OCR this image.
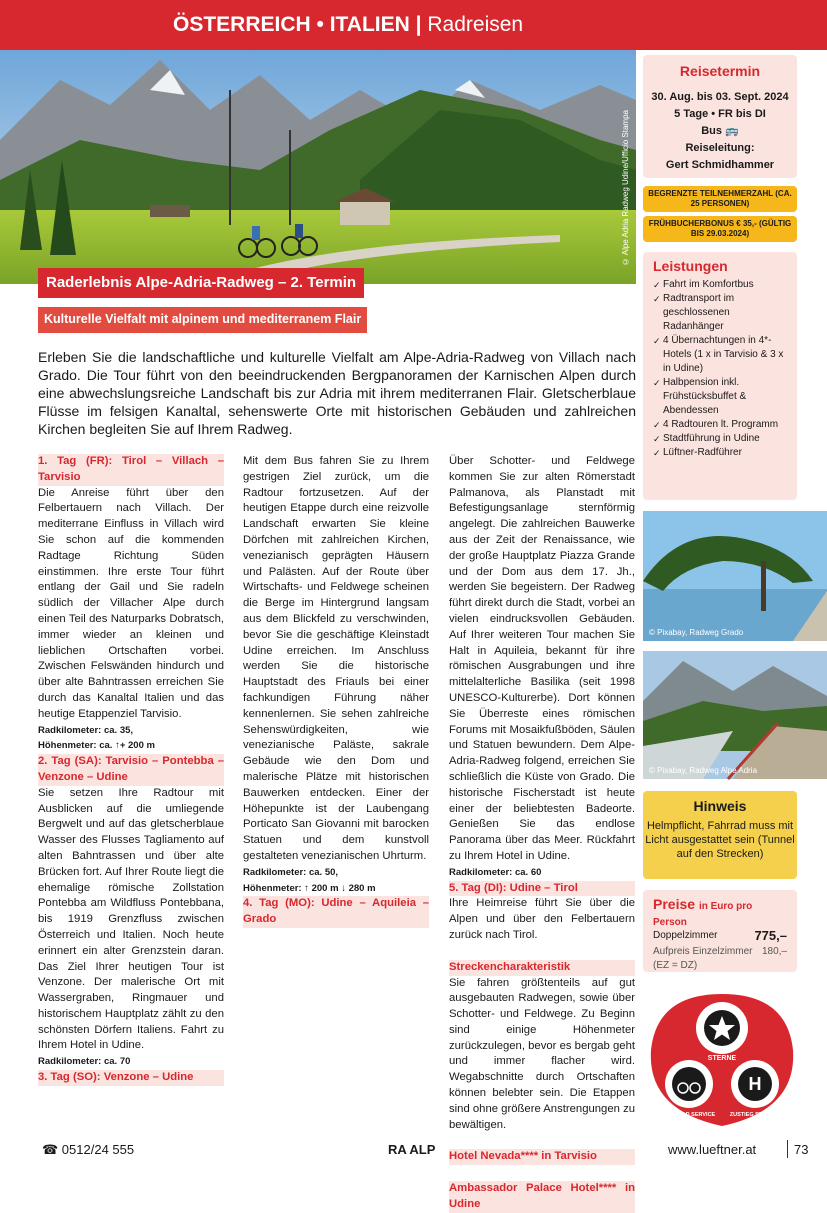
ÖSTERREICH • ITALIEN | Radreisen
© Alpe Adria Radweg Udine/Ufficio Stampa
Raderlebnis Alpe-Adria-Radweg – 2. Termin
Kulturelle Vielfalt mit alpinem und mediterranem Flair

Erleben Sie die landschaftliche und kulturelle Vielfalt am Alpe-Adria-Radweg von Villach nach Grado. Die Tour führt von den beeindruckenden Bergpanoramen der Karnischen Alpen durch eine abwechslungsreiche Landschaft bis zur Adria mit ihrem mediterranen Flair. Gletscherblaue Flüsse im felsigen Kanaltal, sehenswerte Orte mit historischen Gebäuden und zahlreichen Kirchen begleiten Sie auf Ihrem Radweg.

1. Tag (FR): Tirol – Villach – Tarvisio

Die Anreise führt über den Felbertauern nach Villach. Der mediterrane Einfluss in Villach wird Sie schon auf die kommenden Radtage Richtung Süden einstimmen. Ihre erste Tour führt entlang der Gail und Sie radeln südlich der Villacher Alpe durch einen Teil des Naturparks Dobratsch, immer wieder an kleinen und lieblichen Ortschaften vorbei. Zwischen Felswänden hindurch und über alte Bahntrassen erreichen Sie durch das Kanaltal Italien und das heutige Etappenziel Tarvisio.

Radkilometer: ca. 35,
Höhenmeter: ca. ↑+ 200 m
2. Tag (SA): Tarvisio – Pontebba – Venzone – Udine

Sie setzen Ihre Radtour mit Ausblicken auf die umliegende Bergwelt und auf das gletscherblaue Wasser des Flusses Tagliamento auf alten Bahntrassen und über alte Brücken fort. Auf Ihrer Route liegt die ehemalige römische Zollstation Pontebba am Wildfluss Pontebbana, bis 1919 Grenzfluss zwischen Österreich und Italien. Noch heute erinnert ein alter Grenzstein daran. Das Ziel Ihrer heutigen Tour ist Venzone. Der malerische Ort mit Wassergraben, Ringmauer und historischem Hauptplatz zählt zu den schönsten Dörfern Italiens. Fahrt zu Ihrem Hotel in Udine.

Radkilometer: ca. 70
3. Tag (SO): Venzone – Udine

Mit dem Bus fahren Sie zu Ihrem gestrigen Ziel zurück, um die Radtour fortzusetzen. Auf der heutigen Etappe durch eine reizvolle Landschaft erwarten Sie kleine Dörfchen mit zahlreichen Kirchen, venezianisch geprägten Häusern und Palästen. Auf der Route über Wirtschafts- und Feldwege scheinen die Berge im Hintergrund langsam aus dem Blickfeld zu verschwinden, bevor Sie die geschäftige Kleinstadt Udine erreichen. Im Anschluss werden Sie die historische Hauptstadt des Friauls bei einer fachkundigen Führung näher kennenlernen. Sie sehen zahlreiche Sehenswürdigkeiten, wie venezianische Paläste, sakrale Gebäude wie den Dom und malerische Plätze mit historischen Bauwerken entdecken. Einer der Höhepunkte ist der Laubengang Porticato San Giovanni mit barocken Statuen und dem kunstvoll gestalteten venezianischen Uhrturm.

Radkilometer: ca. 50,
Höhenmeter: ↑ 200 m ↓ 280 m
4. Tag (MO): Udine – Aquileia – Grado

Über Schotter- und Feldwege kommen Sie zur alten Römerstadt Palmanova, als Planstadt mit Befestigungsanlage sternförmig angelegt. Die zahlreichen Bauwerke aus der Zeit der Renaissance, wie der große Hauptplatz Piazza Grande und der Dom aus dem 17. Jh., werden Sie begeistern. Der Radweg führt direkt durch die Stadt, vorbei an vielen eindrucksvollen Gebäuden. Auf Ihrer weiteren Tour machen Sie Halt in Aquileia, bekannt für ihre römischen Ausgrabungen und ihre mittelalterliche Basilika (seit 1998 UNESCO-Kulturerbe). Dort können Sie Überreste eines römischen Forums mit Mosaikfußböden, Säulen und Statuen bewundern. Dem Alpe-Adria-Radweg folgend, erreichen Sie schließlich die Küste von Grado. Die historische Fischerstadt ist heute einer der beliebtesten Badeorte. Genießen Sie das endlose Panorama über das Meer. Rückfahrt zu Ihrem Hotel in Udine.

Radkilometer: ca. 60
5. Tag (DI): Udine – Tirol

Ihre Heimreise führt Sie über die Alpen und über den Felbertauern zurück nach Tirol.

Streckencharakteristik

Sie fahren größtenteils auf gut ausgebauten Radwegen, sowie über Schotter- und Feldwege. Zu Beginn sind einige Höhenmeter zurückzulegen, bevor es bergab geht und immer flacher wird. Wegabschnitte durch Ortschaften können belebter sein. Die Etappen sind ohne größere Anstrengungen zu bewältigen.

Hotel Nevada**** in Tarvisio
Ambassador Palace Hotel**** in Udine
Reisetermin
30. Aug. bis 03. Sept. 2024
5 Tage • FR bis DI
Bus 🚌
Reiseleitung:
Gert Schmidhammer
BEGRENZTE TEILNEHMERZAHL (CA. 25 PERSONEN)
FRÜHBUCHERBONUS € 35,- (GÜLTIG BIS 29.03.2024)
Leistungen
✓ Fahrt im Komfortbus
✓ Radtransport im geschlossenen Radanhänger
✓ 4 Übernachtungen in 4*-Hotels (1 x in Tarvisio & 3 x in Udine)
✓ Halbpension inkl. Frühstücksbuffet & Abendessen
✓ 4 Radtouren lt. Programm
✓ Stadtführung in Udine
✓ Lüftner-Radführer
© Pixabay, Radweg Grado
© Pixabay, Radweg Alpe Adria
Hinweis
Helmpflicht, Fahrrad muss mit Licht ausgestattet sein (Tunnel auf den Strecken)
Preise in Euro pro Person
Doppelzimmer	775,–
Aufpreis Einzelzimmer 180,–
(EZ = DZ)
H
STERNE
FAHRRAD SERVICE	ZUSTIEG STELLEN
☎ 0512/24 555	RA ALP	www.lueftner.at	73
